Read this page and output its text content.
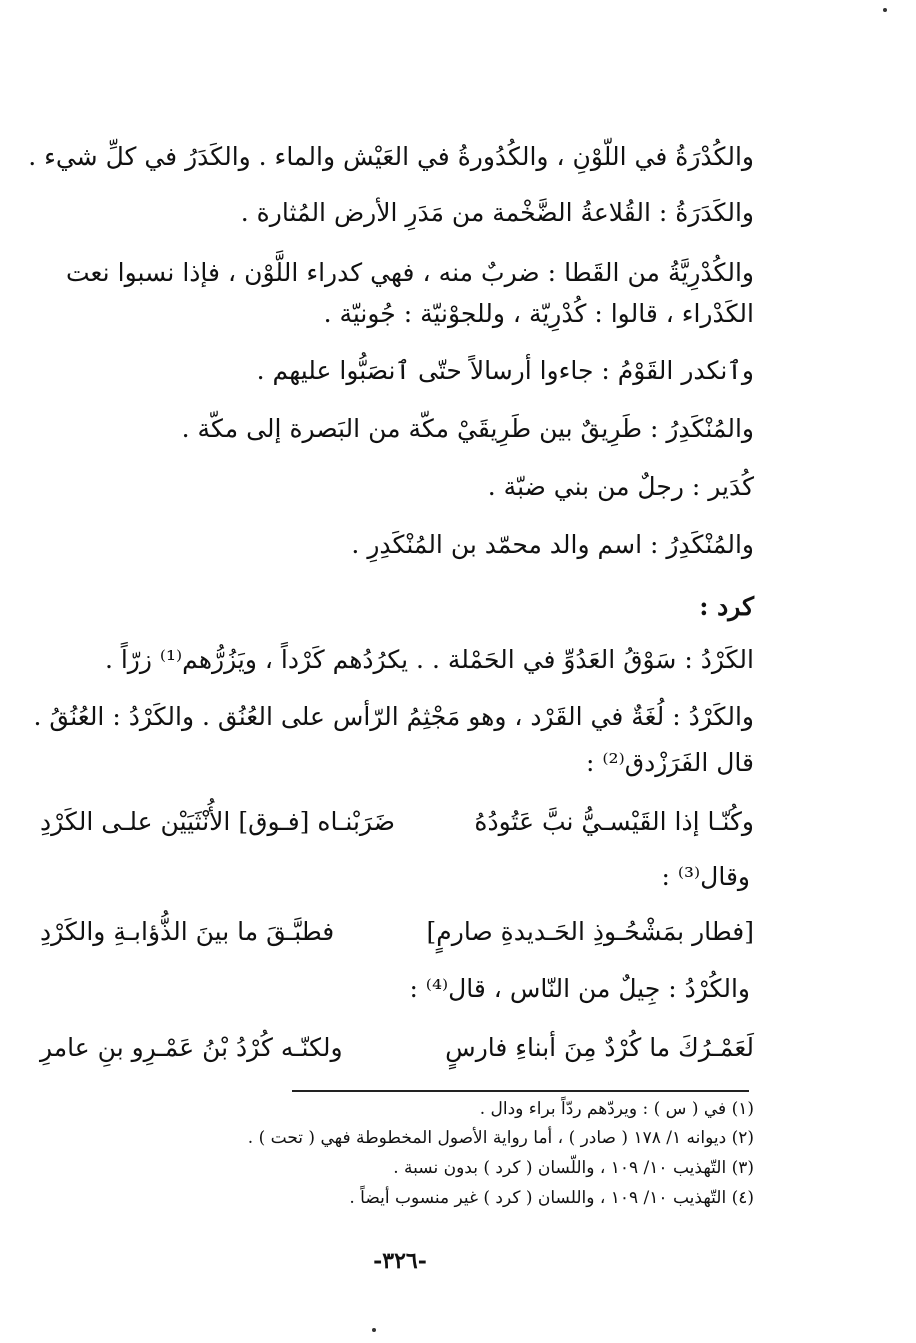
والكُدْرَةُ في اللّوْنِ ، والكُدُورةُ في العَيْش والماء . والكَدَرُ في كلِّ شيء .
والكَدَرَةُ : القُلاعةُ الضَّخْمة من مَدَرِ الأرض المُثارة .
والكُدْرِيَّةُ من القَطا : ضربٌ منه ، فهي كدراء اللَّوْن ، فإذا نسبوا نعت
الكَدْراء ، قالوا : كُدْرِيّة ، وللجوْنيّة : جُونيّة .
وٱنكدر القَوْمُ : جاءوا أرسالاً حتّى ٱنصَبُّوا عليهم .
والمُنْكَدِرُ : طَرِيقٌ بين طَرِيقَيْ مكّة من البَصرة إلى مكّة .
كُدَير : رجلٌ من بني ضبّة .
والمُنْكَدِرُ : اسم والد محمّد بن المُنْكَدِرِ .
كرد :
الكَرْدُ : سَوْقُ العَدُوِّ في الحَمْلة . . يكرُدُهم كَرْداً ، ويَزُرُّهم⁽¹⁾ زرّاً .
والكَرْدُ : لُغَةٌ في القَرْد ، وهو مَجْثِمُ الرّأس على العُنُق . والكَرْدُ : العُنُقُ .
قال الفَرَزْدق⁽²⁾ :
وكُنّـا إذا القَيْسـيُّ نبَّ عَتُودُهُ
ضَرَبْنـاه [فـوق] الأُنْثَيَيْن علـى الكَرْدِ
وقال⁽³⁾ :
[فطار بمَشْحُـوذِ الحَـديدةِ صارمٍ]
فطبَّـقَ ما بينَ الذُّؤابـةِ والكَرْدِ
والكُرْدُ : جِيلٌ من النّاس ، قال⁽⁴⁾ :
لَعَمْـرُكَ ما كُرْدٌ مِنَ أبناءِ فارسٍ
ولكنّـه كُرْدُ بْنُ عَمْـرِو بنِ عامرِ
(١) في ( س ) : ويردّهم ردّاً براء ودال .
(٢) ديوانه ١/ ١٧٨ ( صادر ) ، أما رواية الأصول المخطوطة فهي ( تحت ) .
(٣) التّهذيب ١٠/ ١٠٩ ، واللّسان ( كرد ) بدون نسبة .
(٤) التّهذيب ١٠/ ١٠٩ ، واللسان ( كرد ) غير منسوب أيضاً .
-٣٢٦-
